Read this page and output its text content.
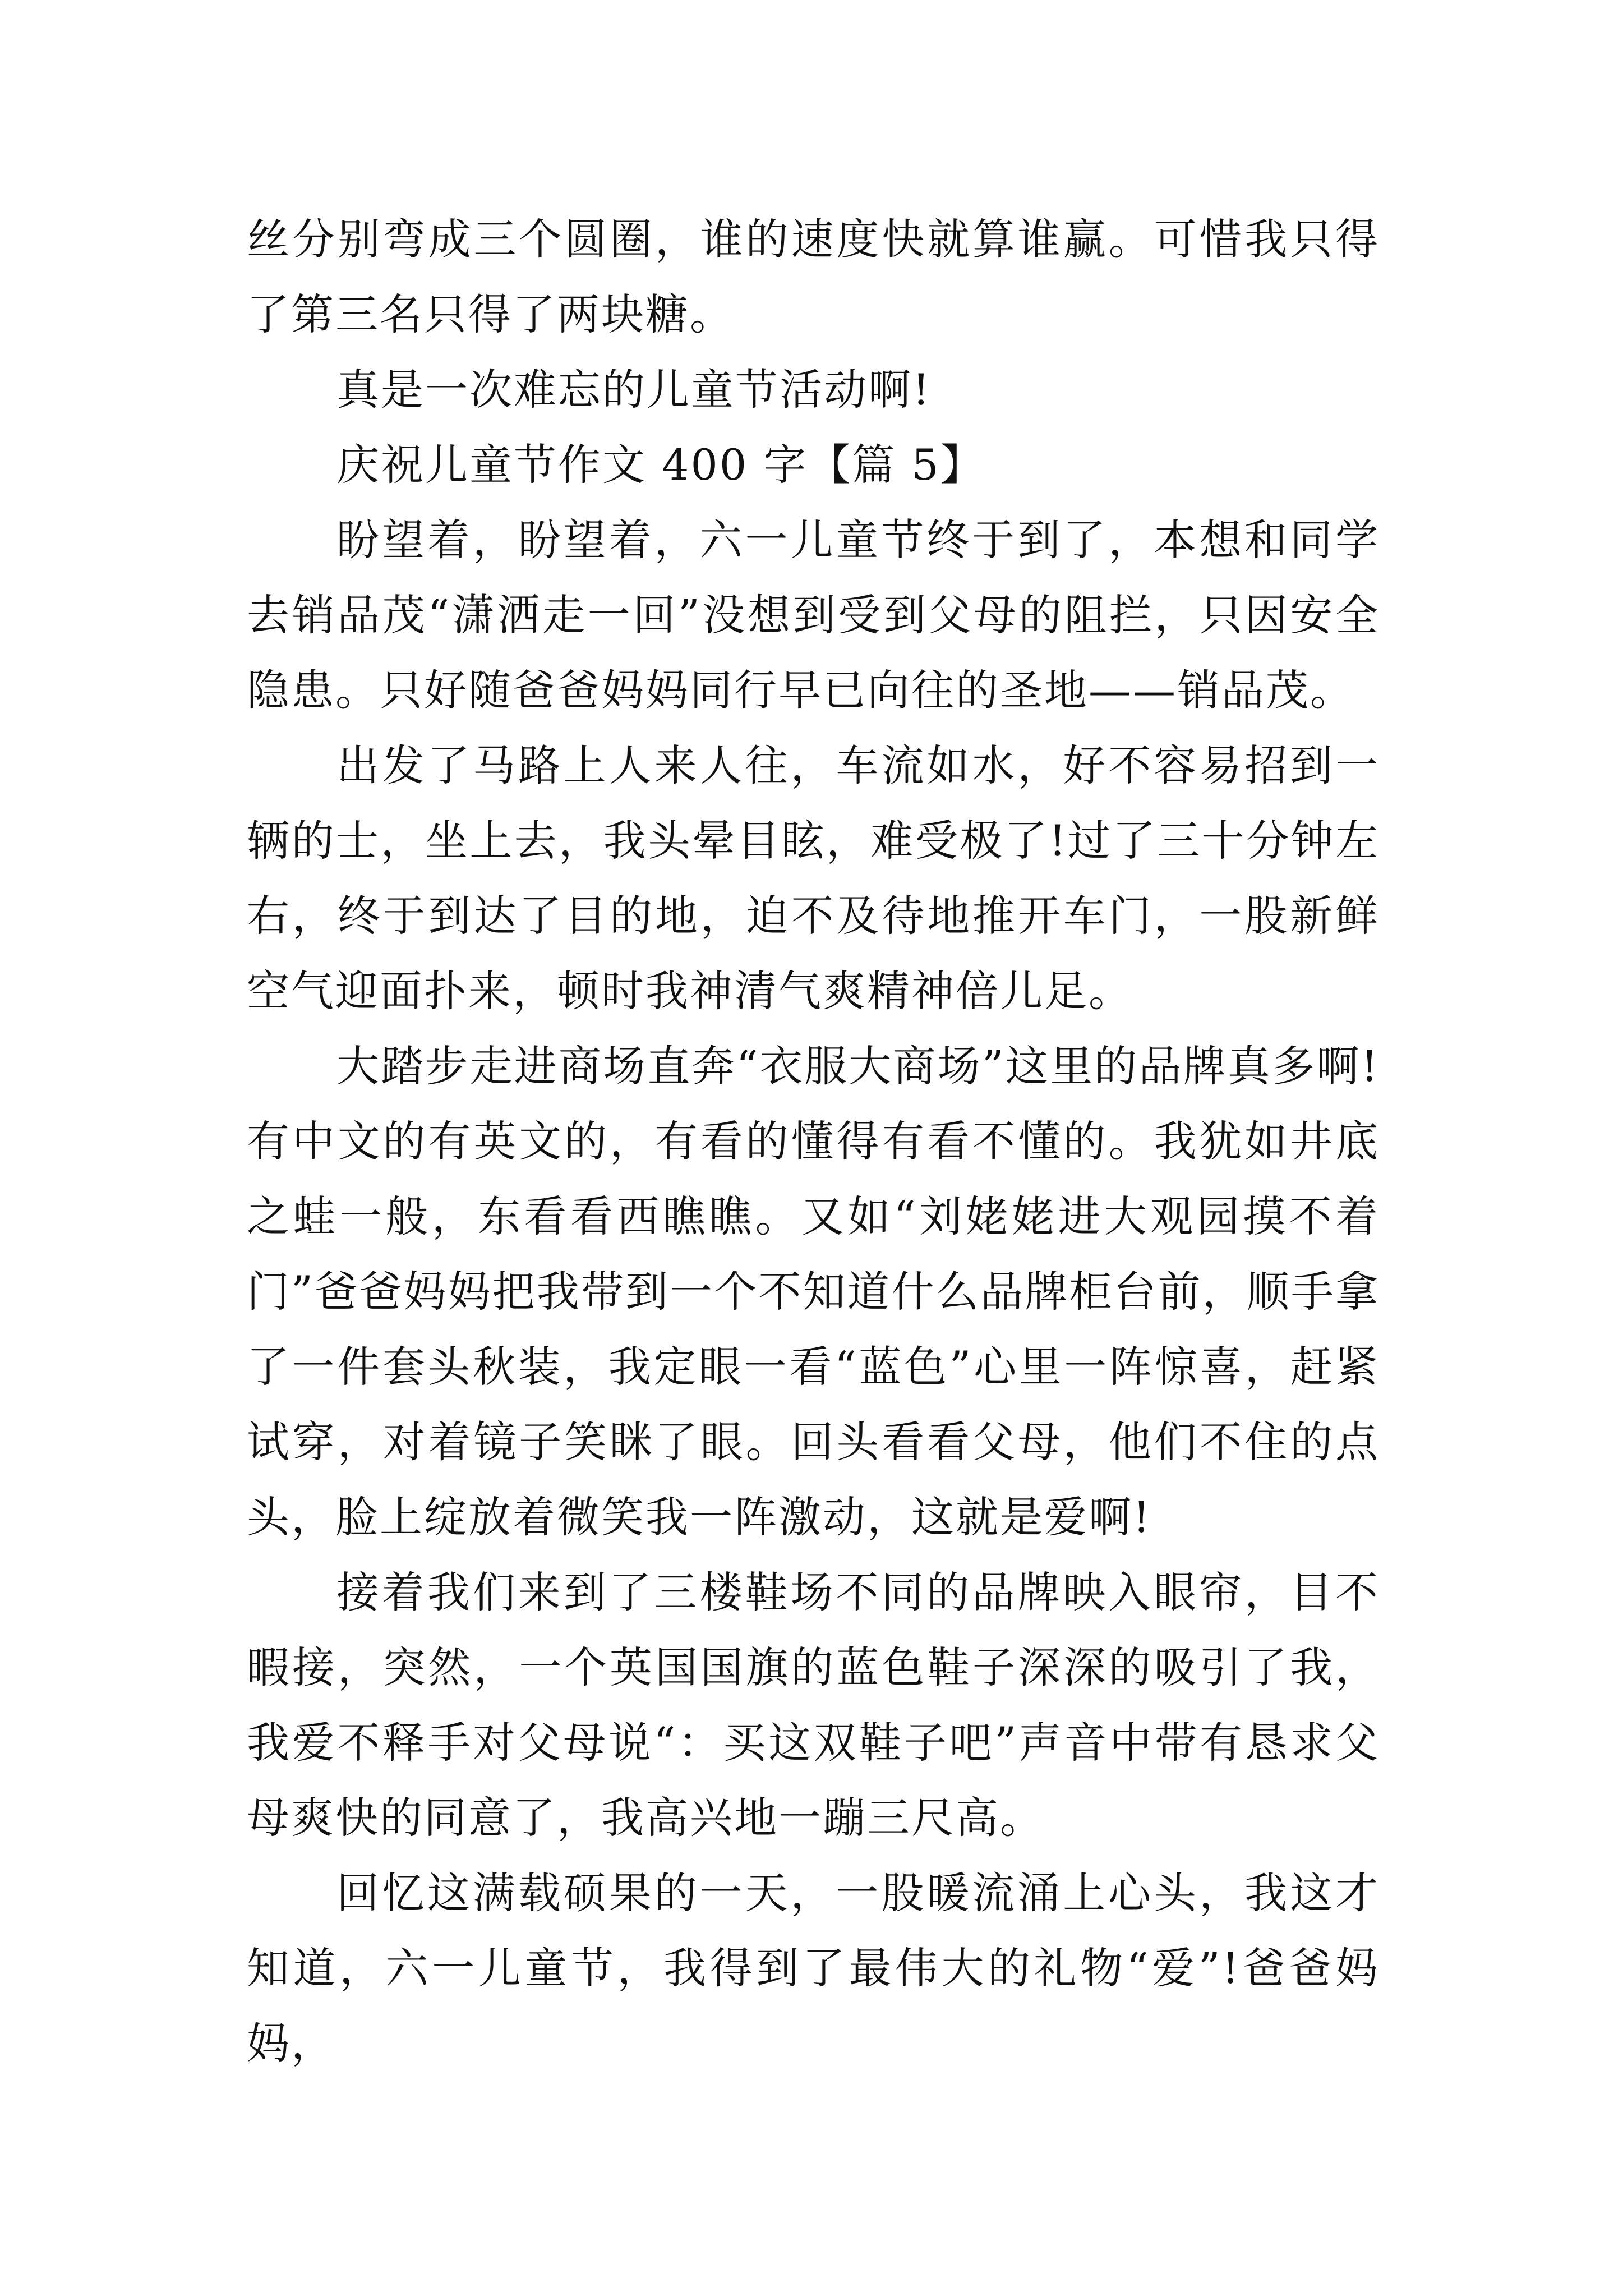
丝分别弯成三个圆圈，谁的速度快就算谁赢。可惜我只得了第三名只得了两块糖。

真是一次难忘的儿童节活动啊!

庆祝儿童节作文 400 字【篇 5】

盼望着，盼望着，六一儿童节终于到了，本想和同学去销品茂“潇洒走一回”没想到受到父母的阻拦，只因安全隐患。只好随爸爸妈妈同行早已向往的圣地——销品茂。

出发了马路上人来人往，车流如水，好不容易招到一辆的士，坐上去，我头晕目眩，难受极了!过了三十分钟左右，终于到达了目的地，迫不及待地推开车门，一股新鲜空气迎面扑来，顿时我神清气爽精神倍儿足。

大踏步走进商场直奔“衣服大商场”这里的品牌真多啊!有中文的有英文的，有看的懂得有看不懂的。我犹如井底之蛙一般，东看看西瞧瞧。又如“刘姥姥进大观园摸不着门”爸爸妈妈把我带到一个不知道什么品牌柜台前，顺手拿了一件套头秋装，我定眼一看“蓝色”心里一阵惊喜，赶紧试穿，对着镜子笑眯了眼。回头看看父母，他们不住的点头，脸上绽放着微笑我一阵激动，这就是爱啊!

接着我们来到了三楼鞋场不同的品牌映入眼帘，目不暇接，突然，一个英国国旗的蓝色鞋子深深的吸引了我，我爱不释手对父母说“：买这双鞋子吧”声音中带有恳求父母爽快的同意了，我高兴地一蹦三尺高。

回忆这满载硕果的一天，一股暖流涌上心头，我这才知道，六一儿童节，我得到了最伟大的礼物“爱”!爸爸妈妈，
